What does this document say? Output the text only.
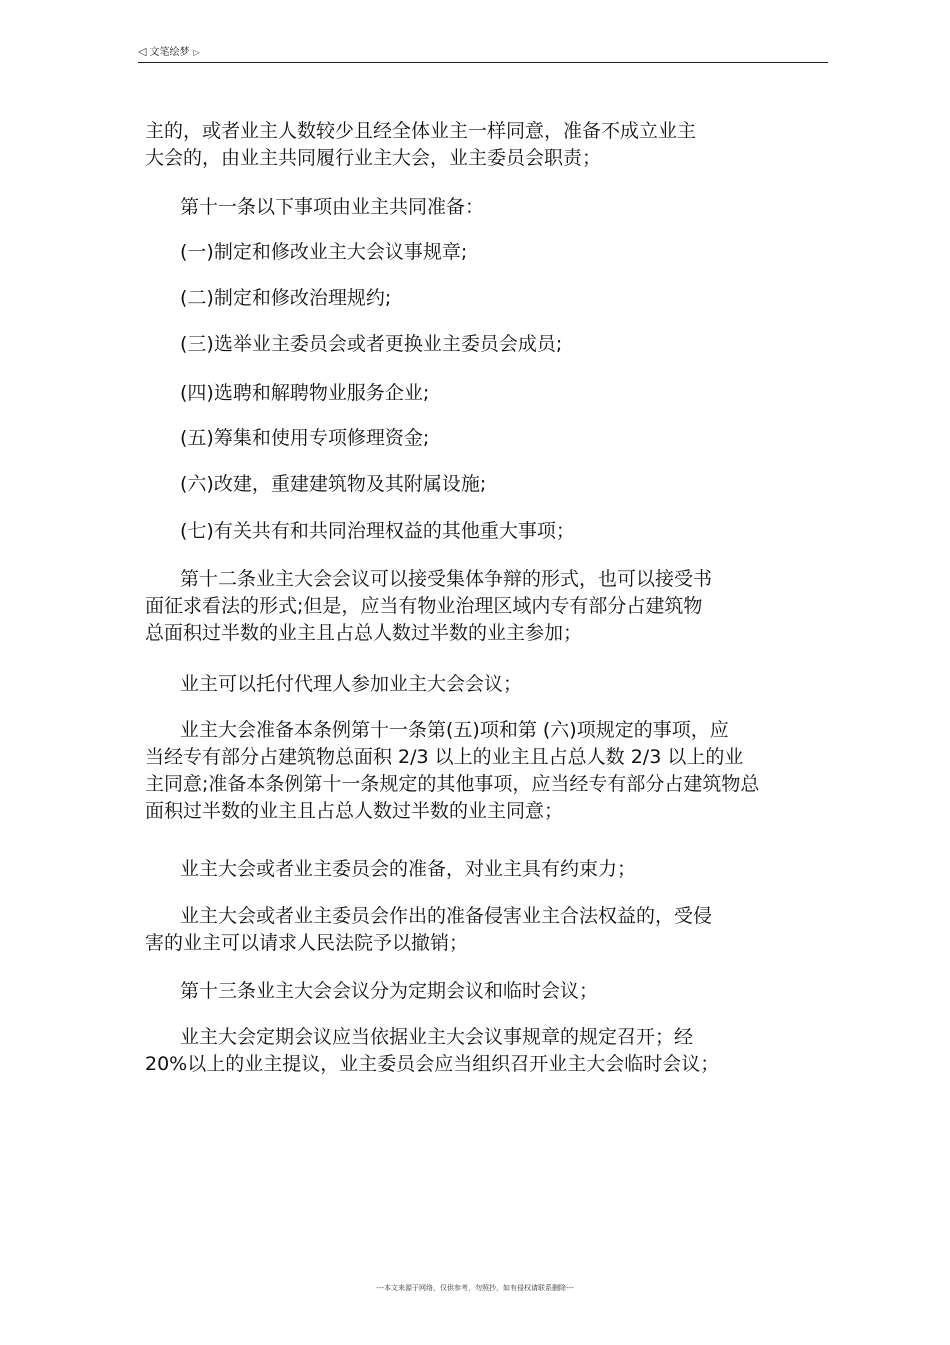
◁ 文笔绘梦 ▷
主的，或者业主人数较少且经全体业主一样同意，准备不成立业主
大会的，由业主共同履行业主大会，业主委员会职责；
第十一条以下事项由业主共同准备：
(一)制定和修改业主大会议事规章;
(二)制定和修改治理规约;
(三)选举业主委员会或者更换业主委员会成员;
(四)选聘和解聘物业服务企业;
(五)筹集和使用专项修理资金;
(六)改建，重建建筑物及其附属设施;
(七)有关共有和共同治理权益的其他重大事项；
第十二条业主大会会议可以接受集体争辩的形式，也可以接受书
面征求看法的形式;但是，应当有物业治理区域内专有部分占建筑物
总面积过半数的业主且占总人数过半数的业主参加；
业主可以托付代理人参加业主大会会议；
业主大会准备本条例第十一条第(五)项和第 (六)项规定的事项，应
当经专有部分占建筑物总面积 2/3 以上的业主且占总人数 2/3 以上的业
主同意;准备本条例第十一条规定的其他事项，应当经专有部分占建筑物总
面积过半数的业主且占总人数过半数的业主同意；
业主大会或者业主委员会的准备，对业主具有约束力；
业主大会或者业主委员会作出的准备侵害业主合法权益的，受侵
害的业主可以请求人民法院予以撤销；
第十三条业主大会会议分为定期会议和临时会议；
业主大会定期会议应当依据业主大会议事规章的规定召开；经
20%以上的业主提议，业主委员会应当组织召开业主大会临时会议；
---本文来源于网络，仅供参考，勿照抄，如有侵权请联系删除---
